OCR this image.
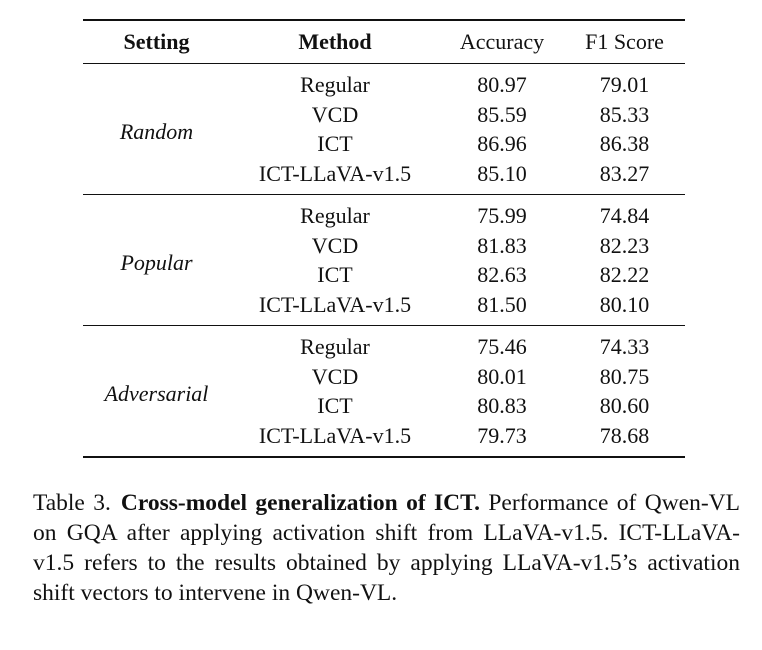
Setting	Method	Accuracy	F1 Score
Random	Regular	80.97	79.01
	VCD	85.59	85.33
	ICT	86.96	86.38
	ICT-LLaVA-v1.5	85.10	83.27
Popular	Regular	75.99	74.84
	VCD	81.83	82.23
	ICT	82.63	82.22
	ICT-LLaVA-v1.5	81.50	80.10
Adversarial	Regular	75.46	74.33
	VCD	80.01	80.75
	ICT	80.83	80.60
	ICT-LLaVA-v1.5	79.73	78.68
Table 3. Cross-model generalization of ICT. Performance of Qwen-VL on GQA after applying activation shift from LLaVA-v1.5. ICT-LLaVA-v1.5 refers to the results obtained by applying LLaVA-v1.5’s activation shift vectors to intervene in Qwen-VL.
